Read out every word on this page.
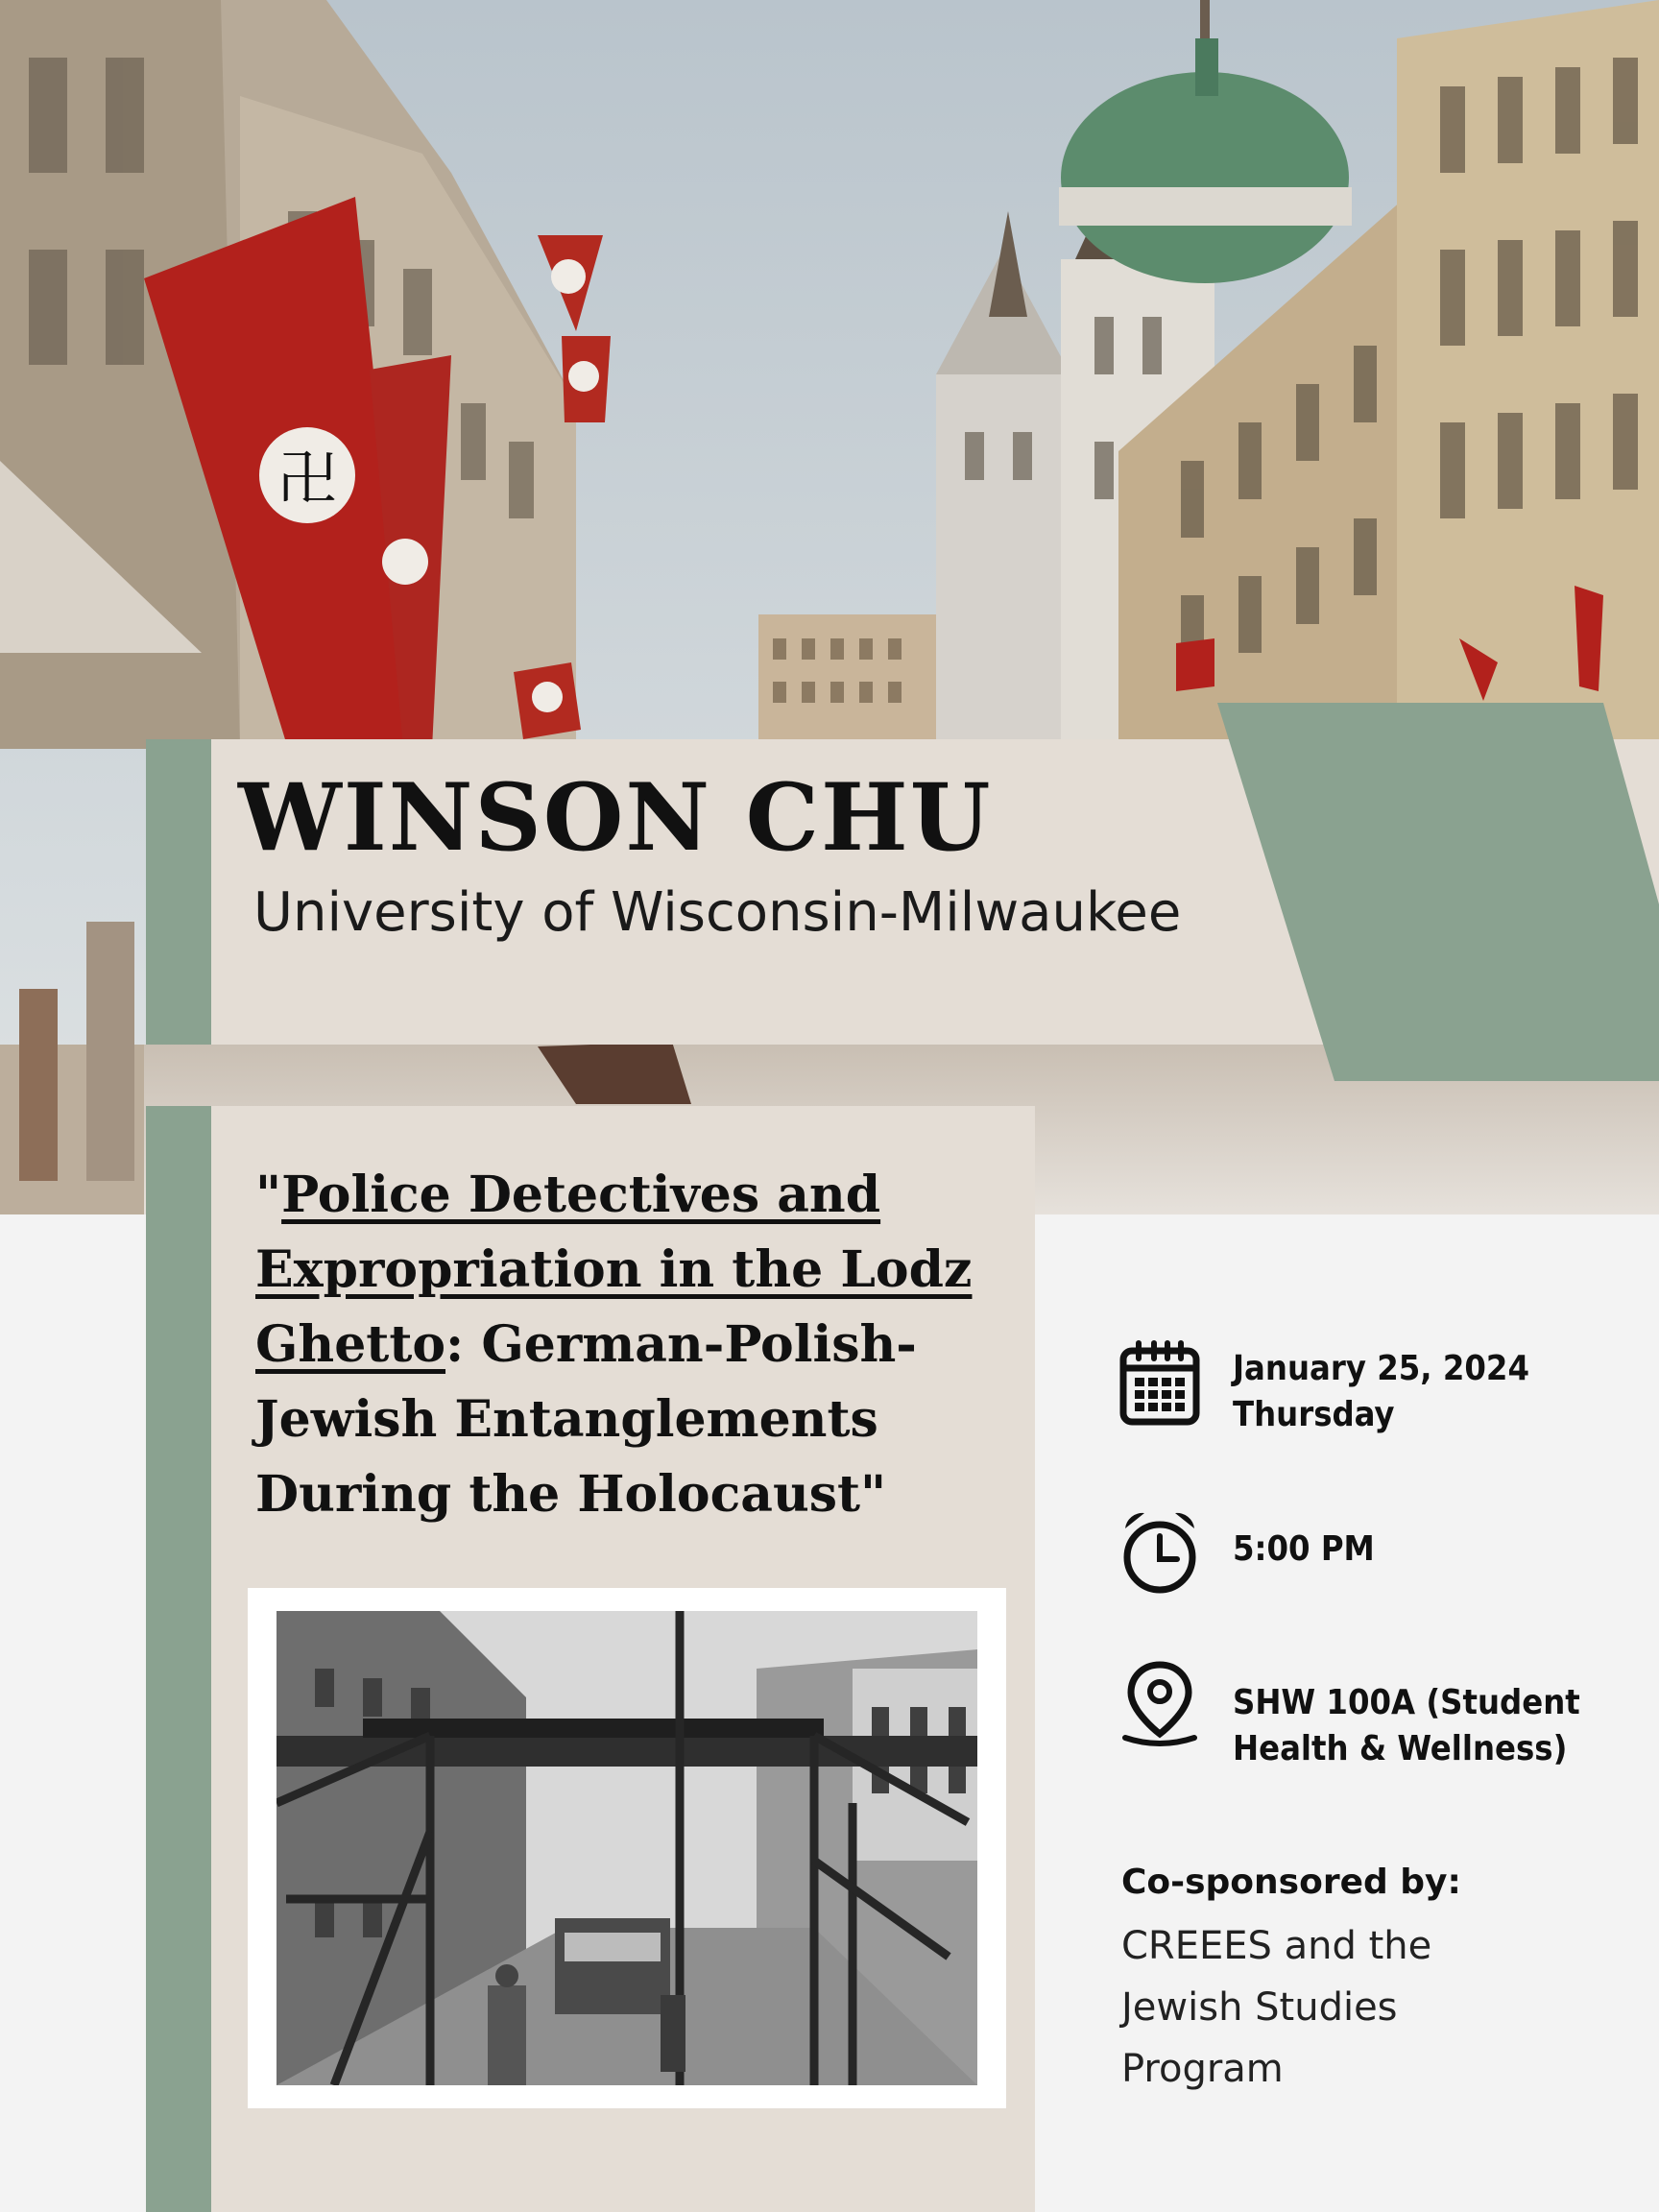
卍
WINSON CHU
University of Wisconsin-Milwaukee
"Police Detectives and
Expropriation in the Lodz
Ghetto: German-Polish-
Jewish Entanglements
During the Holocaust"
January 25, 2024
Thursday
5:00 PM
SHW 100A (Student
Health & Wellness)
Co-sponsored by:
CREEES and the
Jewish Studies
Program
